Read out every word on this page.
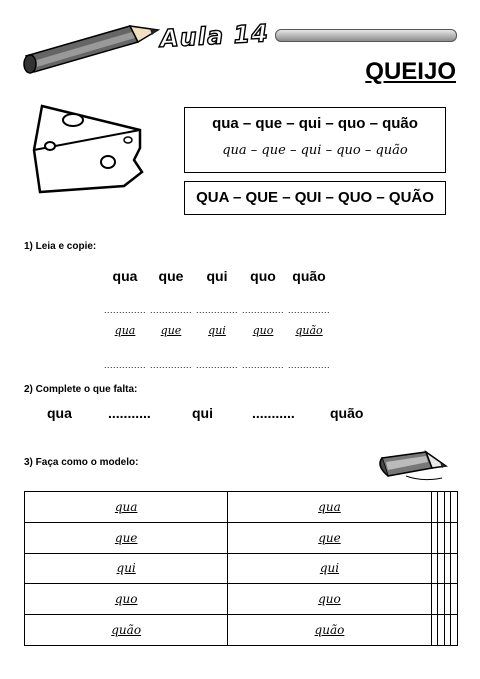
Aula 14
QUEIJO
qua – que – qui – quo – quão
qua – que – qui – quo – quão
QUA – QUE – QUI – QUO – QUÃO
1) Leia e copie:
qua	que	qui	quo	quão
.............. .............. .............. .............. ..............
qua	que	qui	quo	quão
.............. .............. .............. .............. ..............
2) Complete o que falta:
qua	...........	qui	...........	quão
3) Faça como o modelo:
qua	qua				
que	que				
qui	qui				
quo	quo				
quão	quão				
